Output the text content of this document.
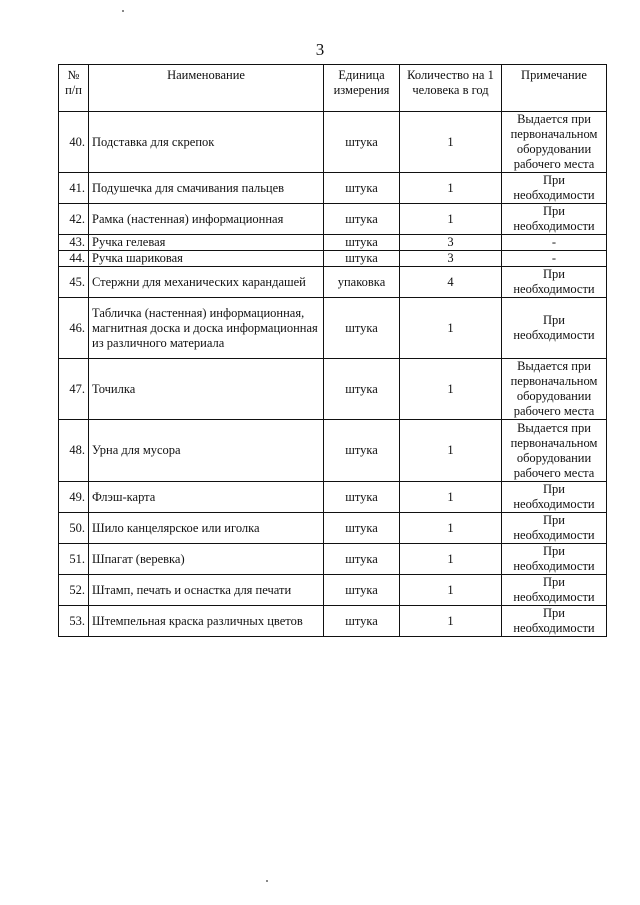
3
№ п/п	Наименование	Единица измерения	Количество на 1 человека в год	Примечание
40.	Подставка для скрепок	штука	1	Выдается при первоначальном оборудовании рабочего места
41.	Подушечка для смачивания пальцев	штука	1	При необходимости
42.	Рамка (настенная) информационная	штука	1	При необходимости
43.	Ручка гелевая	штука	3	-
44.	Ручка шариковая	штука	3	-
45.	Стержни для механических карандашей	упаковка	4	При необходимости
46.	Табличка (настенная) информационная, магнитная доска и доска информационная из различного материала	штука	1	При необходимости
47.	Точилка	штука	1	Выдается при первоначальном оборудовании рабочего места
48.	Урна для мусора	штука	1	Выдается при первоначальном оборудовании рабочего места
49.	Флэш-карта	штука	1	При необходимости
50.	Шило канцелярское или иголка	штука	1	При необходимости
51.	Шпагат (веревка)	штука	1	При необходимости
52.	Штамп, печать и оснастка для печати	штука	1	При необходимости
53.	Штемпельная краска различных цветов	штука	1	При необходимости
